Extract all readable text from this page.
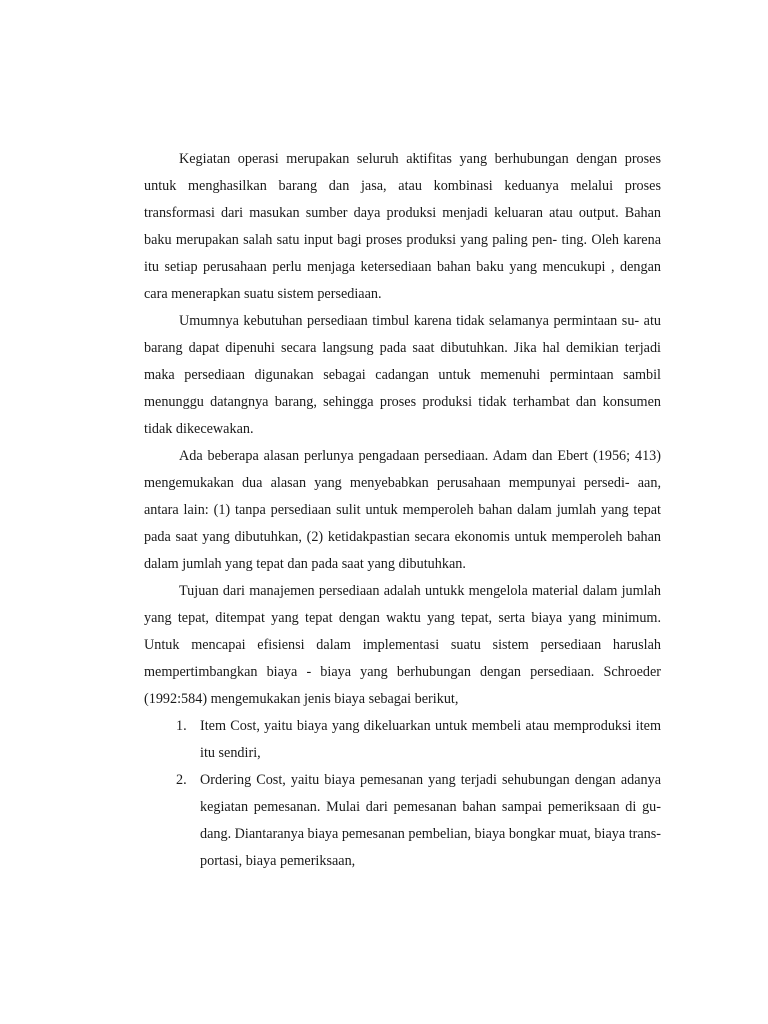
Kegiatan operasi merupakan seluruh aktifitas yang berhubungan dengan proses untuk menghasilkan barang dan jasa, atau kombinasi keduanya melalui proses transformasi dari masukan sumber daya produksi menjadi keluaran atau output. Bahan baku merupakan salah satu input bagi proses produksi yang paling pen- ting. Oleh karena itu setiap perusahaan perlu menjaga ketersediaan bahan baku yang mencukupi , dengan cara menerapkan suatu sistem persediaan.

Umumnya kebutuhan persediaan timbul karena tidak selamanya permintaan su- atu barang dapat dipenuhi secara langsung pada saat dibutuhkan. Jika hal demikian terjadi maka persediaan digunakan sebagai cadangan untuk memenuhi permintaan sambil menunggu datangnya barang, sehingga proses produksi tidak terhambat dan konsumen tidak dikecewakan.

Ada beberapa alasan perlunya pengadaan persediaan. Adam dan Ebert (1956; 413) mengemukakan dua alasan yang menyebabkan perusahaan mempunyai persedi- aan, antara lain: (1) tanpa persediaan sulit untuk memperoleh bahan dalam jumlah yang tepat pada saat yang dibutuhkan, (2) ketidakpastian secara ekonomis untuk memperoleh bahan dalam jumlah yang tepat dan pada saat yang dibutuhkan.

Tujuan dari manajemen persediaan adalah untukk mengelola material dalam jumlah yang tepat, ditempat yang tepat dengan waktu yang tepat, serta biaya yang minimum. Untuk mencapai efisiensi dalam implementasi suatu sistem persediaan haruslah mempertimbangkan biaya - biaya yang berhubungan dengan persediaan. Schroeder (1992:584) mengemukakan jenis biaya sebagai berikut,

1. Item Cost, yaitu biaya yang dikeluarkan untuk membeli atau memproduksi item itu sendiri,
2. Ordering Cost, yaitu biaya pemesanan yang terjadi sehubungan dengan adanya kegiatan pemesanan. Mulai dari pemesanan bahan sampai pemeriksaan di gu- dang. Diantaranya biaya pemesanan pembelian, biaya bongkar muat, biaya trans- portasi, biaya pemeriksaan,
